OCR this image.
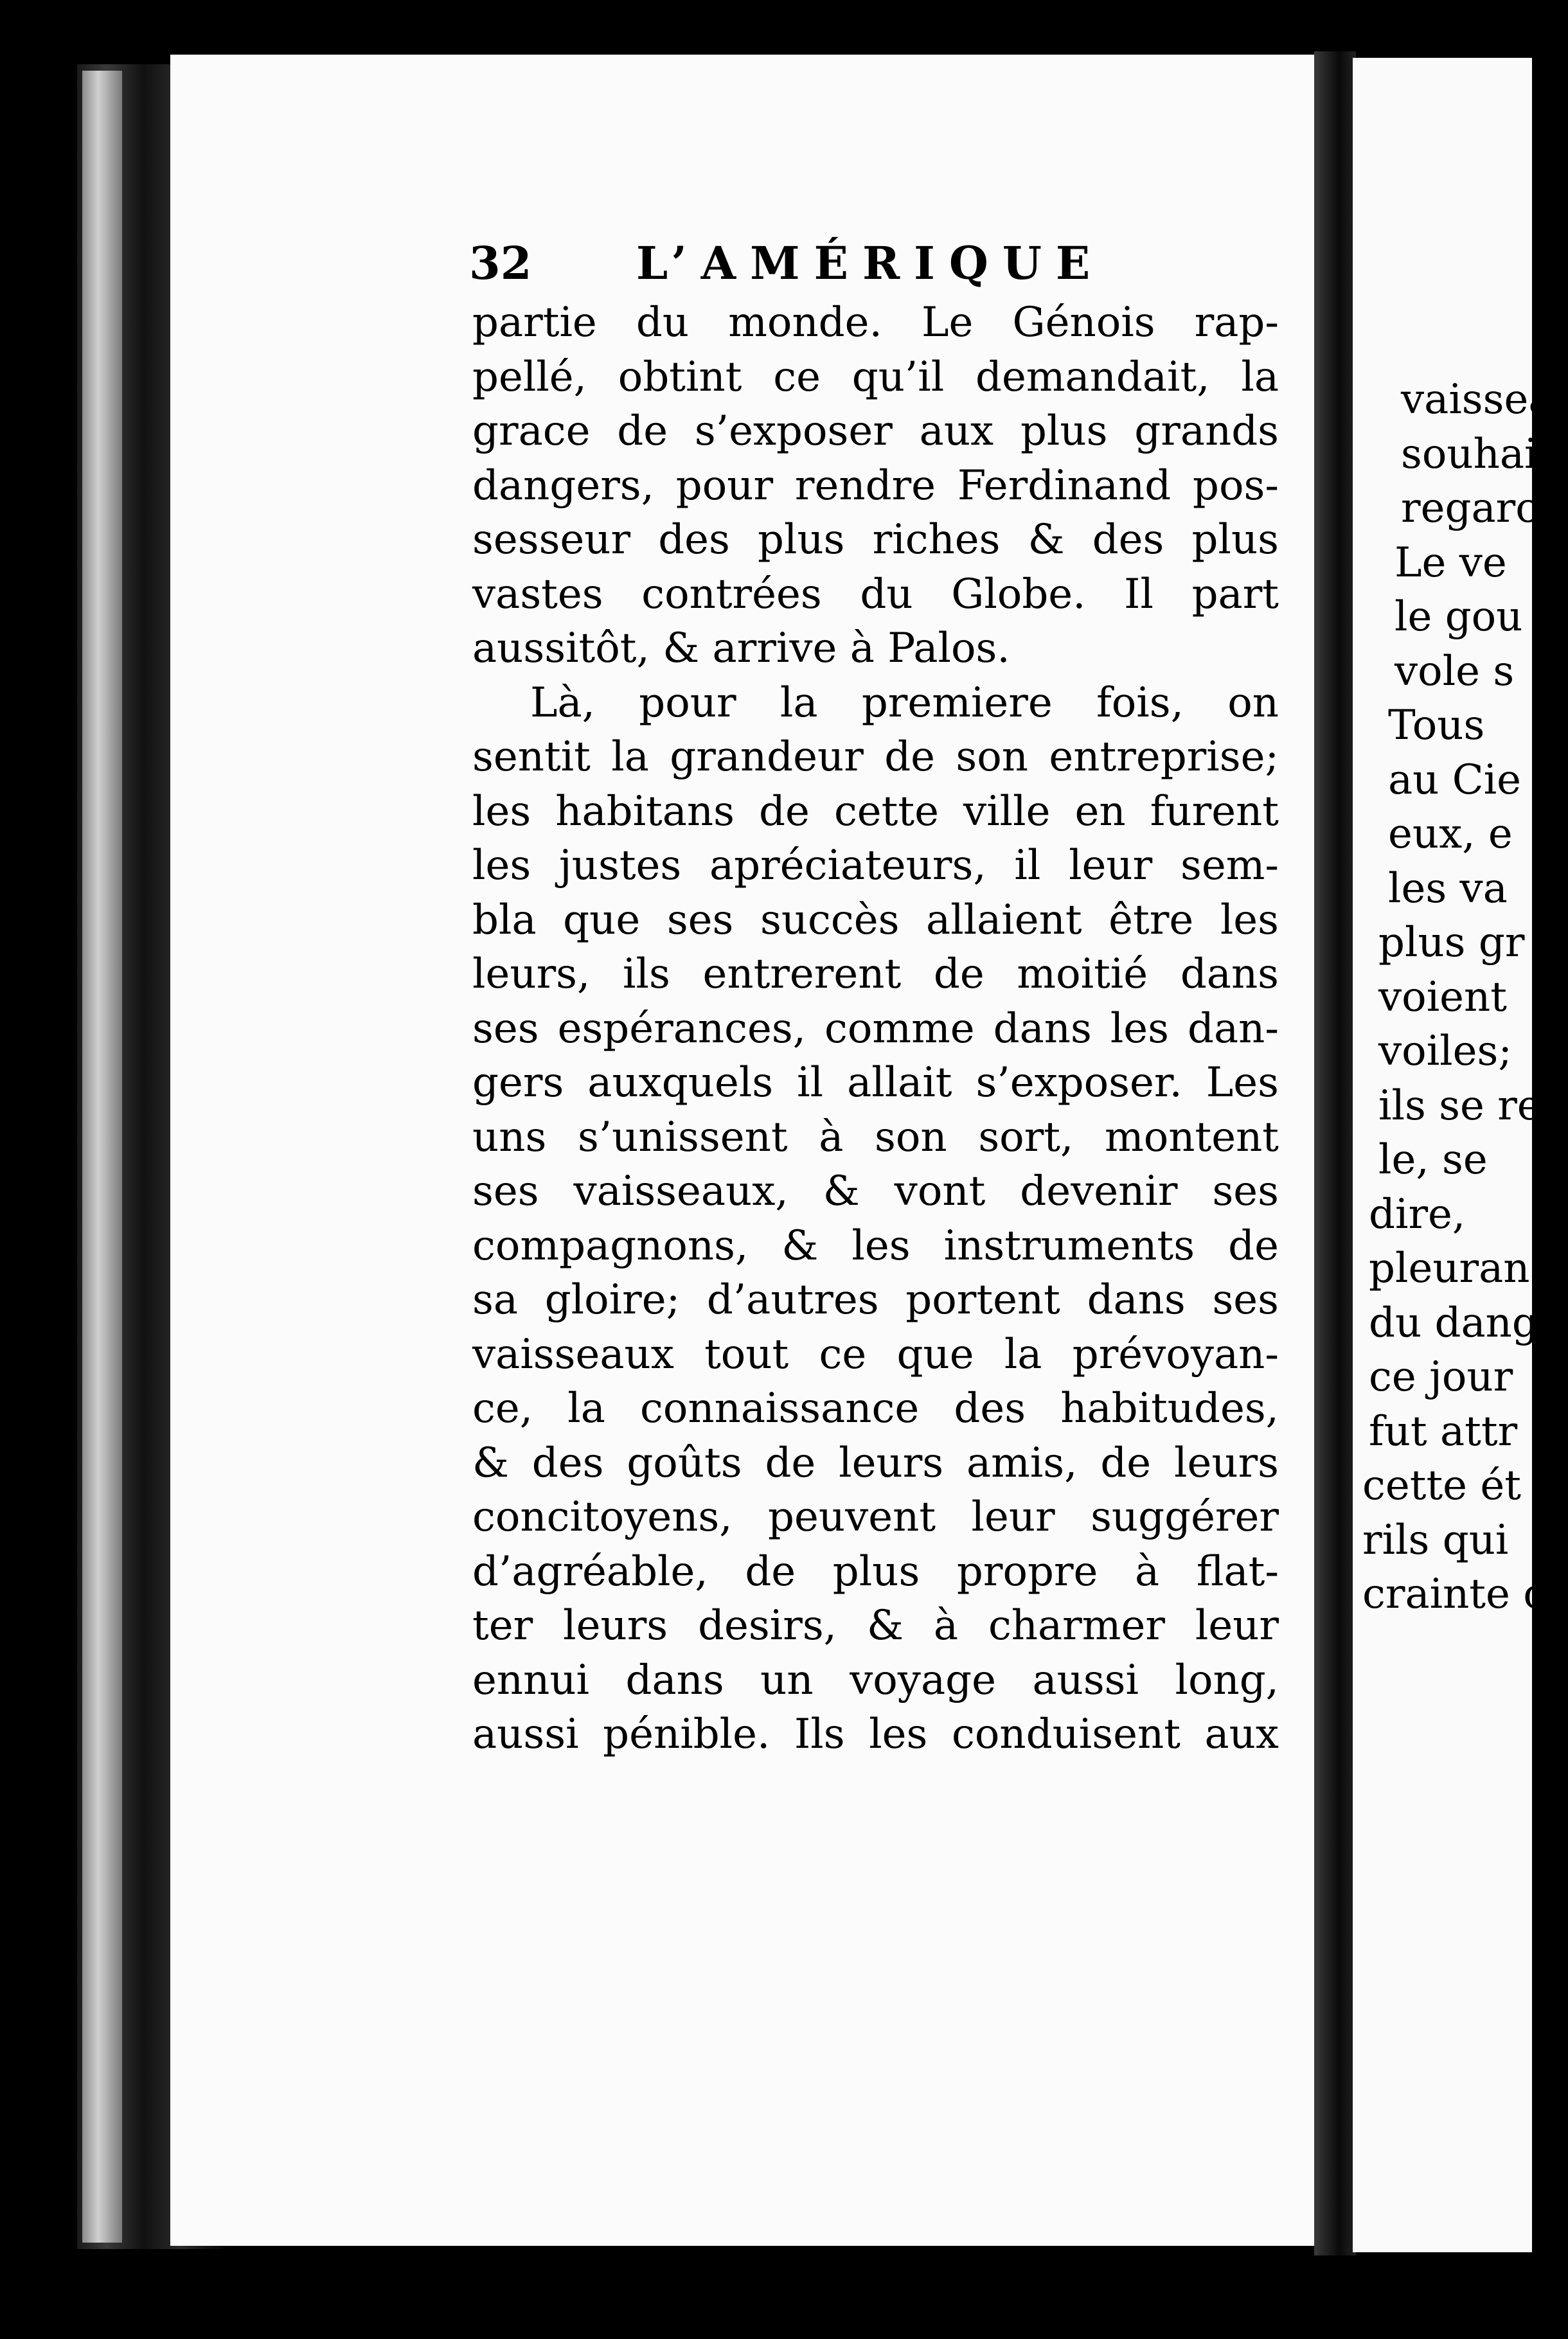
vaissea
souhai
regarc
Le ve
le gou
vole s
Tous
au Cie
eux, e
les va
plus gr
voient
voiles;
ils se re
le, se
dire,
pleuran
du dang
ce jour
fut attr
cette ét
rils qui
crainte c
32 L’AMÉRIQUE
partie du monde. Le Génois rap-
pellé, obtint ce qu’il demandait, la
grace de s’exposer aux plus grands
dangers, pour rendre Ferdinand pos-
sesseur des plus riches & des plus
vastes contrées du Globe. Il part
aussitôt, & arrive à Palos.
Là, pour la premiere fois, on
sentit la grandeur de son entreprise;
les habitans de cette ville en furent
les justes apréciateurs, il leur sem-
bla que ses succès allaient être les
leurs, ils entrerent de moitié dans
ses espérances, comme dans les dan-
gers auxquels il allait s’exposer. Les
uns s’unissent à son sort, montent
ses vaisseaux, & vont devenir ses
compagnons, & les instruments de
sa gloire; d’autres portent dans ses
vaisseaux tout ce que la prévoyan-
ce, la connaissance des habitudes,
& des goûts de leurs amis, de leurs
concitoyens, peuvent leur suggérer
d’agréable, de plus propre à flat-
ter leurs desirs, & à charmer leur
ennui dans un voyage aussi long,
aussi pénible. Ils les conduisent aux
